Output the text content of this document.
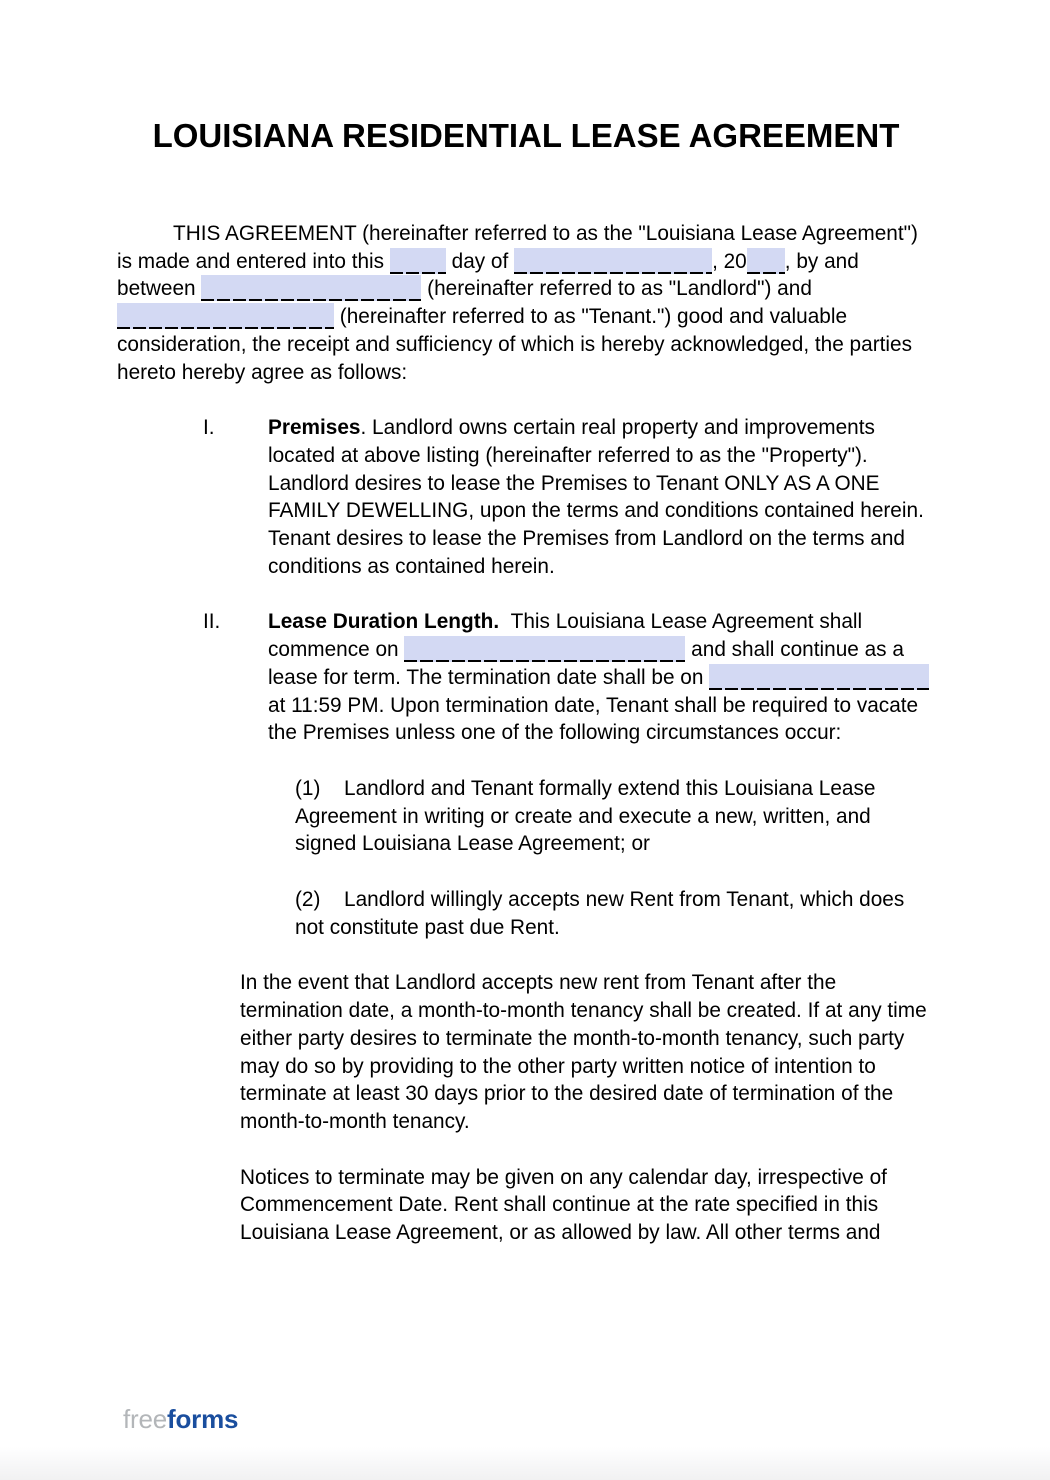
LOUISIANA RESIDENTIAL LEASE AGREEMENT

THIS AGREEMENT (hereinafter referred to as the "Louisiana Lease Agreement") is made and entered into this	day of	, 20 , by and between	(hereinafter referred to as "Landlord") and  (hereinafter referred to as "Tenant.") good and valuable consideration, the receipt and sufficiency of which is hereby acknowledged, the parties hereto hereby agree as follows:

I.	Premises. Landlord owns certain real property and improvements located at above listing (hereinafter referred to as the "Property"). Landlord desires to lease the Premises to Tenant ONLY AS A ONE FAMILY DEWELLING, upon the terms and conditions contained herein. Tenant desires to lease the Premises from Landlord on the terms and conditions as contained herein.

II. Lease Duration Length.  This Louisiana Lease Agreement shall commence on	and shall continue as a lease for term. The termination date shall be on  at 11:59 PM. Upon termination date, Tenant shall be required to vacate the Premises unless one of the following circumstances occur:

(1) Landlord and Tenant formally extend this Louisiana Lease Agreement in writing or create and execute a new, written, and signed Louisiana Lease Agreement; or

(2) Landlord willingly accepts new Rent from Tenant, which does not constitute past due Rent.

In the event that Landlord accepts new rent from Tenant after the termination date, a month-to-month tenancy shall be created. If at any time either party desires to terminate the month-to-month tenancy, such party may do so by providing to the other party written notice of intention to terminate at least 30 days prior to the desired date of termination of the month-to-month tenancy.

Notices to terminate may be given on any calendar day, irrespective of Commencement Date. Rent shall continue at the rate specified in this Louisiana Lease Agreement, or as allowed by law. All other terms and

freeforms
